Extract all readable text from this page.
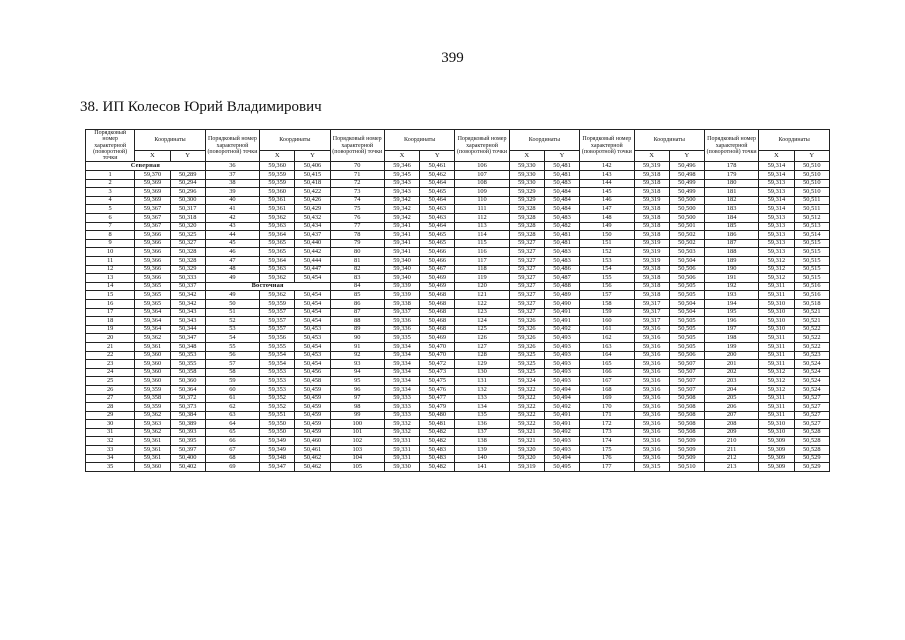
399
38. ИП Колесов Юрий Владимирович
Порядковый номер характерной (поворотной) точки	Координаты		Порядковый номер характерной (поворотной) точки	Координаты		Порядковый номер характерной (поворотной) точки	Координаты		Порядковый номер характерной (поворотной) точки	Координаты		Порядковый номер характерной (поворотной) точки	Координаты		Порядковый номер характерной (поворотной) точки	Координаты	
	X	Y		X	Y		X	Y		X	Y		X	Y		X	Y
Северная			36	59,360	50,406	70	59,346	50,461	106	59,330	50,481	142	59,319	50,496	178	59,314	50,510
1	59,370	50,289	37	59,359	50,415	71	59,345	50,462	107	59,330	50,481	143	59,318	50,498	179	59,314	50,510
2	59,369	50,294	38	59,359	50,418	72	59,343	50,464	108	59,330	50,483	144	59,318	50,499	180	59,313	50,510
3	59,369	50,296	39	59,360	50,422	73	59,343	50,465	109	59,329	50,484	145	59,318	50,499	181	59,313	50,510
4	59,369	50,300	40	59,361	50,426	74	59,342	50,464	110	59,329	50,484	146	59,319	50,500	182	59,314	50,511
5	59,367	50,317	41	59,361	50,429	75	59,342	50,463	111	59,328	50,484	147	59,318	50,500	183	59,314	50,511
6	59,367	50,318	42	59,362	50,432	76	59,342	50,463	112	59,328	50,483	148	59,318	50,500	184	59,313	50,512
7	59,367	50,320	43	59,363	50,434	77	59,341	50,464	113	59,328	50,482	149	59,318	50,501	185	59,313	50,513
8	59,366	50,325	44	59,364	50,437	78	59,341	50,465	114	59,328	50,481	150	59,318	50,502	186	59,313	50,514
9	59,366	50,327	45	59,365	50,440	79	59,341	50,465	115	59,327	50,481	151	59,319	50,502	187	59,313	50,515
10	59,366	50,328	46	59,365	50,442	80	59,341	50,466	116	59,327	50,483	152	59,319	50,503	188	59,313	50,515
11	59,366	50,328	47	59,364	50,444	81	59,340	50,466	117	59,327	50,483	153	59,319	50,504	189	59,312	50,515
12	59,366	50,329	48	59,363	50,447	82	59,340	50,467	118	59,327	50,486	154	59,318	50,506	190	59,312	50,515
13	59,366	50,333	49	59,362	50,454	83	59,340	50,469	119	59,327	50,487	155	59,318	50,506	191	59,312	50,515
14	59,365	50,337	Восточная			84	59,339	50,469	120	59,327	50,488	156	59,318	50,505	192	59,311	50,516
15	59,365	50,342	49	59,362	50,454	85	59,339	50,468	121	59,327	50,489	157	59,318	50,505	193	59,311	50,516
16	59,365	50,342	50	59,359	50,454	86	59,338	50,468	122	59,327	50,490	158	59,317	50,504	194	59,310	50,518
17	59,364	50,343	51	59,357	50,454	87	59,337	50,468	123	59,327	50,491	159	59,317	50,504	195	59,310	50,521
18	59,364	50,343	52	59,357	50,454	88	59,336	50,468	124	59,326	50,491	160	59,317	50,505	196	59,310	50,521
19	59,364	50,344	53	59,357	50,453	89	59,336	50,468	125	59,326	50,492	161	59,316	50,505	197	59,310	50,522
20	59,362	50,347	54	59,356	50,453	90	59,335	50,469	126	59,326	50,493	162	59,316	50,505	198	59,311	50,522
21	59,361	50,348	55	59,355	50,454	91	59,334	50,470	127	59,326	50,493	163	59,316	50,505	199	59,311	50,522
22	59,360	50,353	56	59,354	50,453	92	59,334	50,470	128	59,325	50,493	164	59,316	50,506	200	59,311	50,523
23	59,360	50,355	57	59,354	50,454	93	59,334	50,472	129	59,325	50,493	165	59,316	50,507	201	59,311	50,524
24	59,360	50,358	58	59,353	50,456	94	59,334	50,473	130	59,325	50,493	166	59,316	50,507	202	59,312	50,524
25	59,360	50,360	59	59,353	50,458	95	59,334	50,475	131	59,324	50,493	167	59,316	50,507	203	59,312	50,524
26	59,359	50,364	60	59,353	50,459	96	59,334	50,476	132	59,322	50,494	168	59,316	50,507	204	59,312	50,524
27	59,358	50,372	61	59,352	50,459	97	59,333	50,477	133	59,322	50,494	169	59,316	50,508	205	59,311	50,527
28	59,359	50,373	62	59,352	50,459	98	59,333	50,479	134	59,322	50,492	170	59,316	50,508	206	59,311	50,527
29	59,362	50,384	63	59,351	50,459	99	59,333	50,480	135	59,322	50,491	171	59,316	50,508	207	59,311	50,527
30	59,363	50,389	64	59,350	50,459	100	59,332	50,481	136	59,322	50,491	172	59,316	50,508	208	59,310	50,527
31	59,362	50,393	65	59,350	50,459	101	59,332	50,482	137	59,321	50,492	173	59,316	50,508	209	59,310	50,528
32	59,361	50,395	66	59,349	50,460	102	59,331	50,482	138	59,321	50,493	174	59,316	50,509	210	59,309	50,528
33	59,361	50,397	67	59,349	50,461	103	59,331	50,483	139	59,320	50,493	175	59,316	50,509	211	59,309	50,528
34	59,361	50,400	68	59,348	50,462	104	59,331	50,483	140	59,320	50,494	176	59,316	50,509	212	59,309	50,529
35	59,360	50,402	69	59,347	50,462	105	59,330	50,482	141	59,319	50,495	177	59,315	50,510	213	59,309	50,529
